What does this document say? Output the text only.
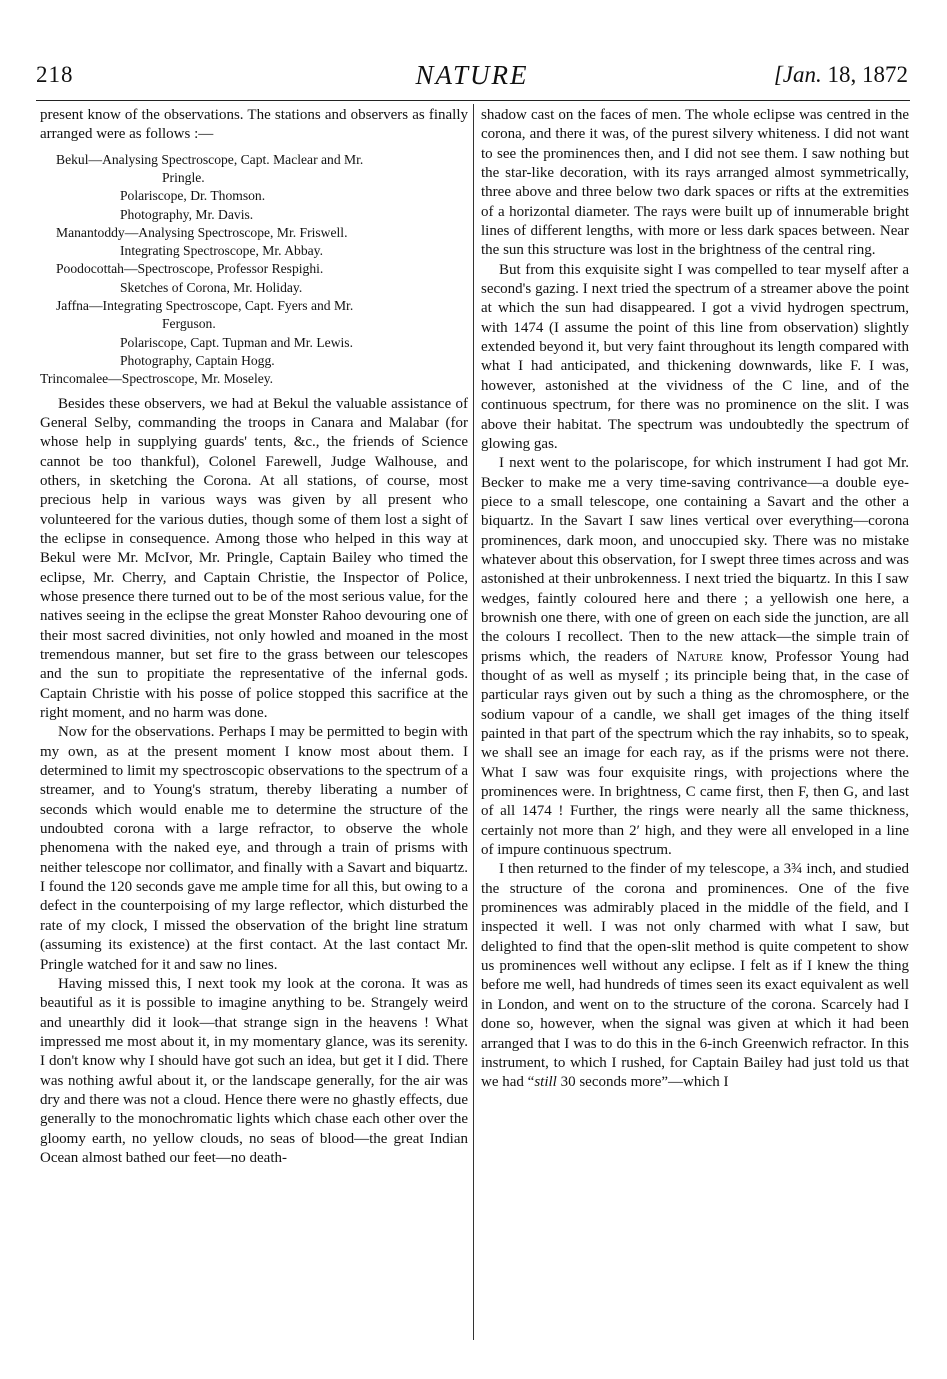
218	NATURE	[Jan. 18, 1872

present know of the observations. The stations and observers as finally arranged were as follows :—

Bekul—Analysing Spectroscope, Capt. Maclear and Mr.
Pringle.
Polariscope, Dr. Thomson.
Photography, Mr. Davis.
Manantoddy—Analysing Spectroscope, Mr. Friswell.
Integrating Spectroscope, Mr. Abbay.
Poodocottah—Spectroscope, Professor Respighi.
Sketches of Corona, Mr. Holiday.
Jaffna—Integrating Spectroscope, Capt. Fyers and Mr.
Ferguson.
Polariscope, Capt. Tupman and Mr. Lewis.
Photography, Captain Hogg.
Trincomalee—Spectroscope, Mr. Moseley.

Besides these observers, we had at Bekul the valuable assistance of General Selby, commanding the troops in Canara and Malabar (for whose help in supplying guards' tents, &c., the friends of Science cannot be too thankful), Colonel Farewell, Judge Walhouse, and others, in sketching the Corona. At all stations, of course, most precious help in various ways was given by all present who volunteered for the various duties, though some of them lost a sight of the eclipse in consequence. Among those who helped in this way at Bekul were Mr. McIvor, Mr. Pringle, Captain Bailey who timed the eclipse, Mr. Cherry, and Captain Christie, the Inspector of Police, whose presence there turned out to be of the most serious value, for the natives seeing in the eclipse the great Monster Rahoo devouring one of their most sacred divinities, not only howled and moaned in the most tremendous manner, but set fire to the grass between our telescopes and the sun to propitiate the representative of the infernal gods. Captain Christie with his posse of police stopped this sacrifice at the right moment, and no harm was done.

Now for the observations. Perhaps I may be permitted to begin with my own, as at the present moment I know most about them. I determined to limit my spectroscopic observations to the spectrum of a streamer, and to Young's stratum, thereby liberating a number of seconds which would enable me to determine the structure of the undoubted corona with a large refractor, to observe the whole phenomena with the naked eye, and through a train of prisms with neither telescope nor collimator, and finally with a Savart and biquartz. I found the 120 seconds gave me ample time for all this, but owing to a defect in the counterpoising of my large reflector, which disturbed the rate of my clock, I missed the observation of the bright line stratum (assuming its existence) at the first contact. At the last contact Mr. Pringle watched for it and saw no lines.

Having missed this, I next took my look at the corona. It was as beautiful as it is possible to imagine anything to be. Strangely weird and unearthly did it look—that strange sign in the heavens ! What impressed me most about it, in my momentary glance, was its serenity. I don't know why I should have got such an idea, but get it I did. There was nothing awful about it, or the landscape generally, for the air was dry and there was not a cloud. Hence there were no ghastly effects, due generally to the monochromatic lights which chase each other over the gloomy earth, no yellow clouds, no seas of blood—the great Indian Ocean almost bathed our feet—no death-

shadow cast on the faces of men. The whole eclipse was centred in the corona, and there it was, of the purest silvery whiteness. I did not want to see the prominences then, and I did not see them. I saw nothing but the star-like decoration, with its rays arranged almost symmetrically, three above and three below two dark spaces or rifts at the extremities of a horizontal diameter. The rays were built up of innumerable bright lines of different lengths, with more or less dark spaces between. Near the sun this structure was lost in the brightness of the central ring.

But from this exquisite sight I was compelled to tear myself after a second's gazing. I next tried the spectrum of a streamer above the point at which the sun had disappeared. I got a vivid hydrogen spectrum, with 1474 (I assume the point of this line from observation) slightly extended beyond it, but very faint throughout its length compared with what I had anticipated, and thickening downwards, like F. I was, however, astonished at the vividness of the C line, and of the continuous spectrum, for there was no prominence on the slit. I was above their habitat. The spectrum was undoubtedly the spectrum of glowing gas.

I next went to the polariscope, for which instrument I had got Mr. Becker to make me a very time-saving contrivance—a double eye-piece to a small telescope, one containing a Savart and the other a biquartz. In the Savart I saw lines vertical over everything—corona prominences, dark moon, and unoccupied sky. There was no mistake whatever about this observation, for I swept three times across and was astonished at their unbrokenness. I next tried the biquartz. In this I saw wedges, faintly coloured here and there ; a yellowish one here, a brownish one there, with one of green on each side the junction, are all the colours I recollect. Then to the new attack—the simple train of prisms which, the readers of Nature know, Professor Young had thought of as well as myself ; its principle being that, in the case of particular rays given out by such a thing as the chromosphere, or the sodium vapour of a candle, we shall get images of the thing itself painted in that part of the spectrum which the ray inhabits, so to speak, we shall see an image for each ray, as if the prisms were not there. What I saw was four exquisite rings, with projections where the prominences were. In brightness, C came first, then F, then G, and last of all 1474 ! Further, the rings were nearly all the same thickness, certainly not more than 2′ high, and they were all enveloped in a line of impure continuous spectrum.

I then returned to the finder of my telescope, a 3¾ inch, and studied the structure of the corona and prominences. One of the five prominences was admirably placed in the middle of the field, and I inspected it well. I was not only charmed with what I saw, but delighted to find that the open-slit method is quite competent to show us prominences well without any eclipse. I felt as if I knew the thing before me well, had hundreds of times seen its exact equivalent as well in London, and went on to the structure of the corona. Scarcely had I done so, however, when the signal was given at which it had been arranged that I was to do this in the 6-inch Greenwich refractor. In this instrument, to which I rushed, for Captain Bailey had just told us that we had “still 30 seconds more”—which I
